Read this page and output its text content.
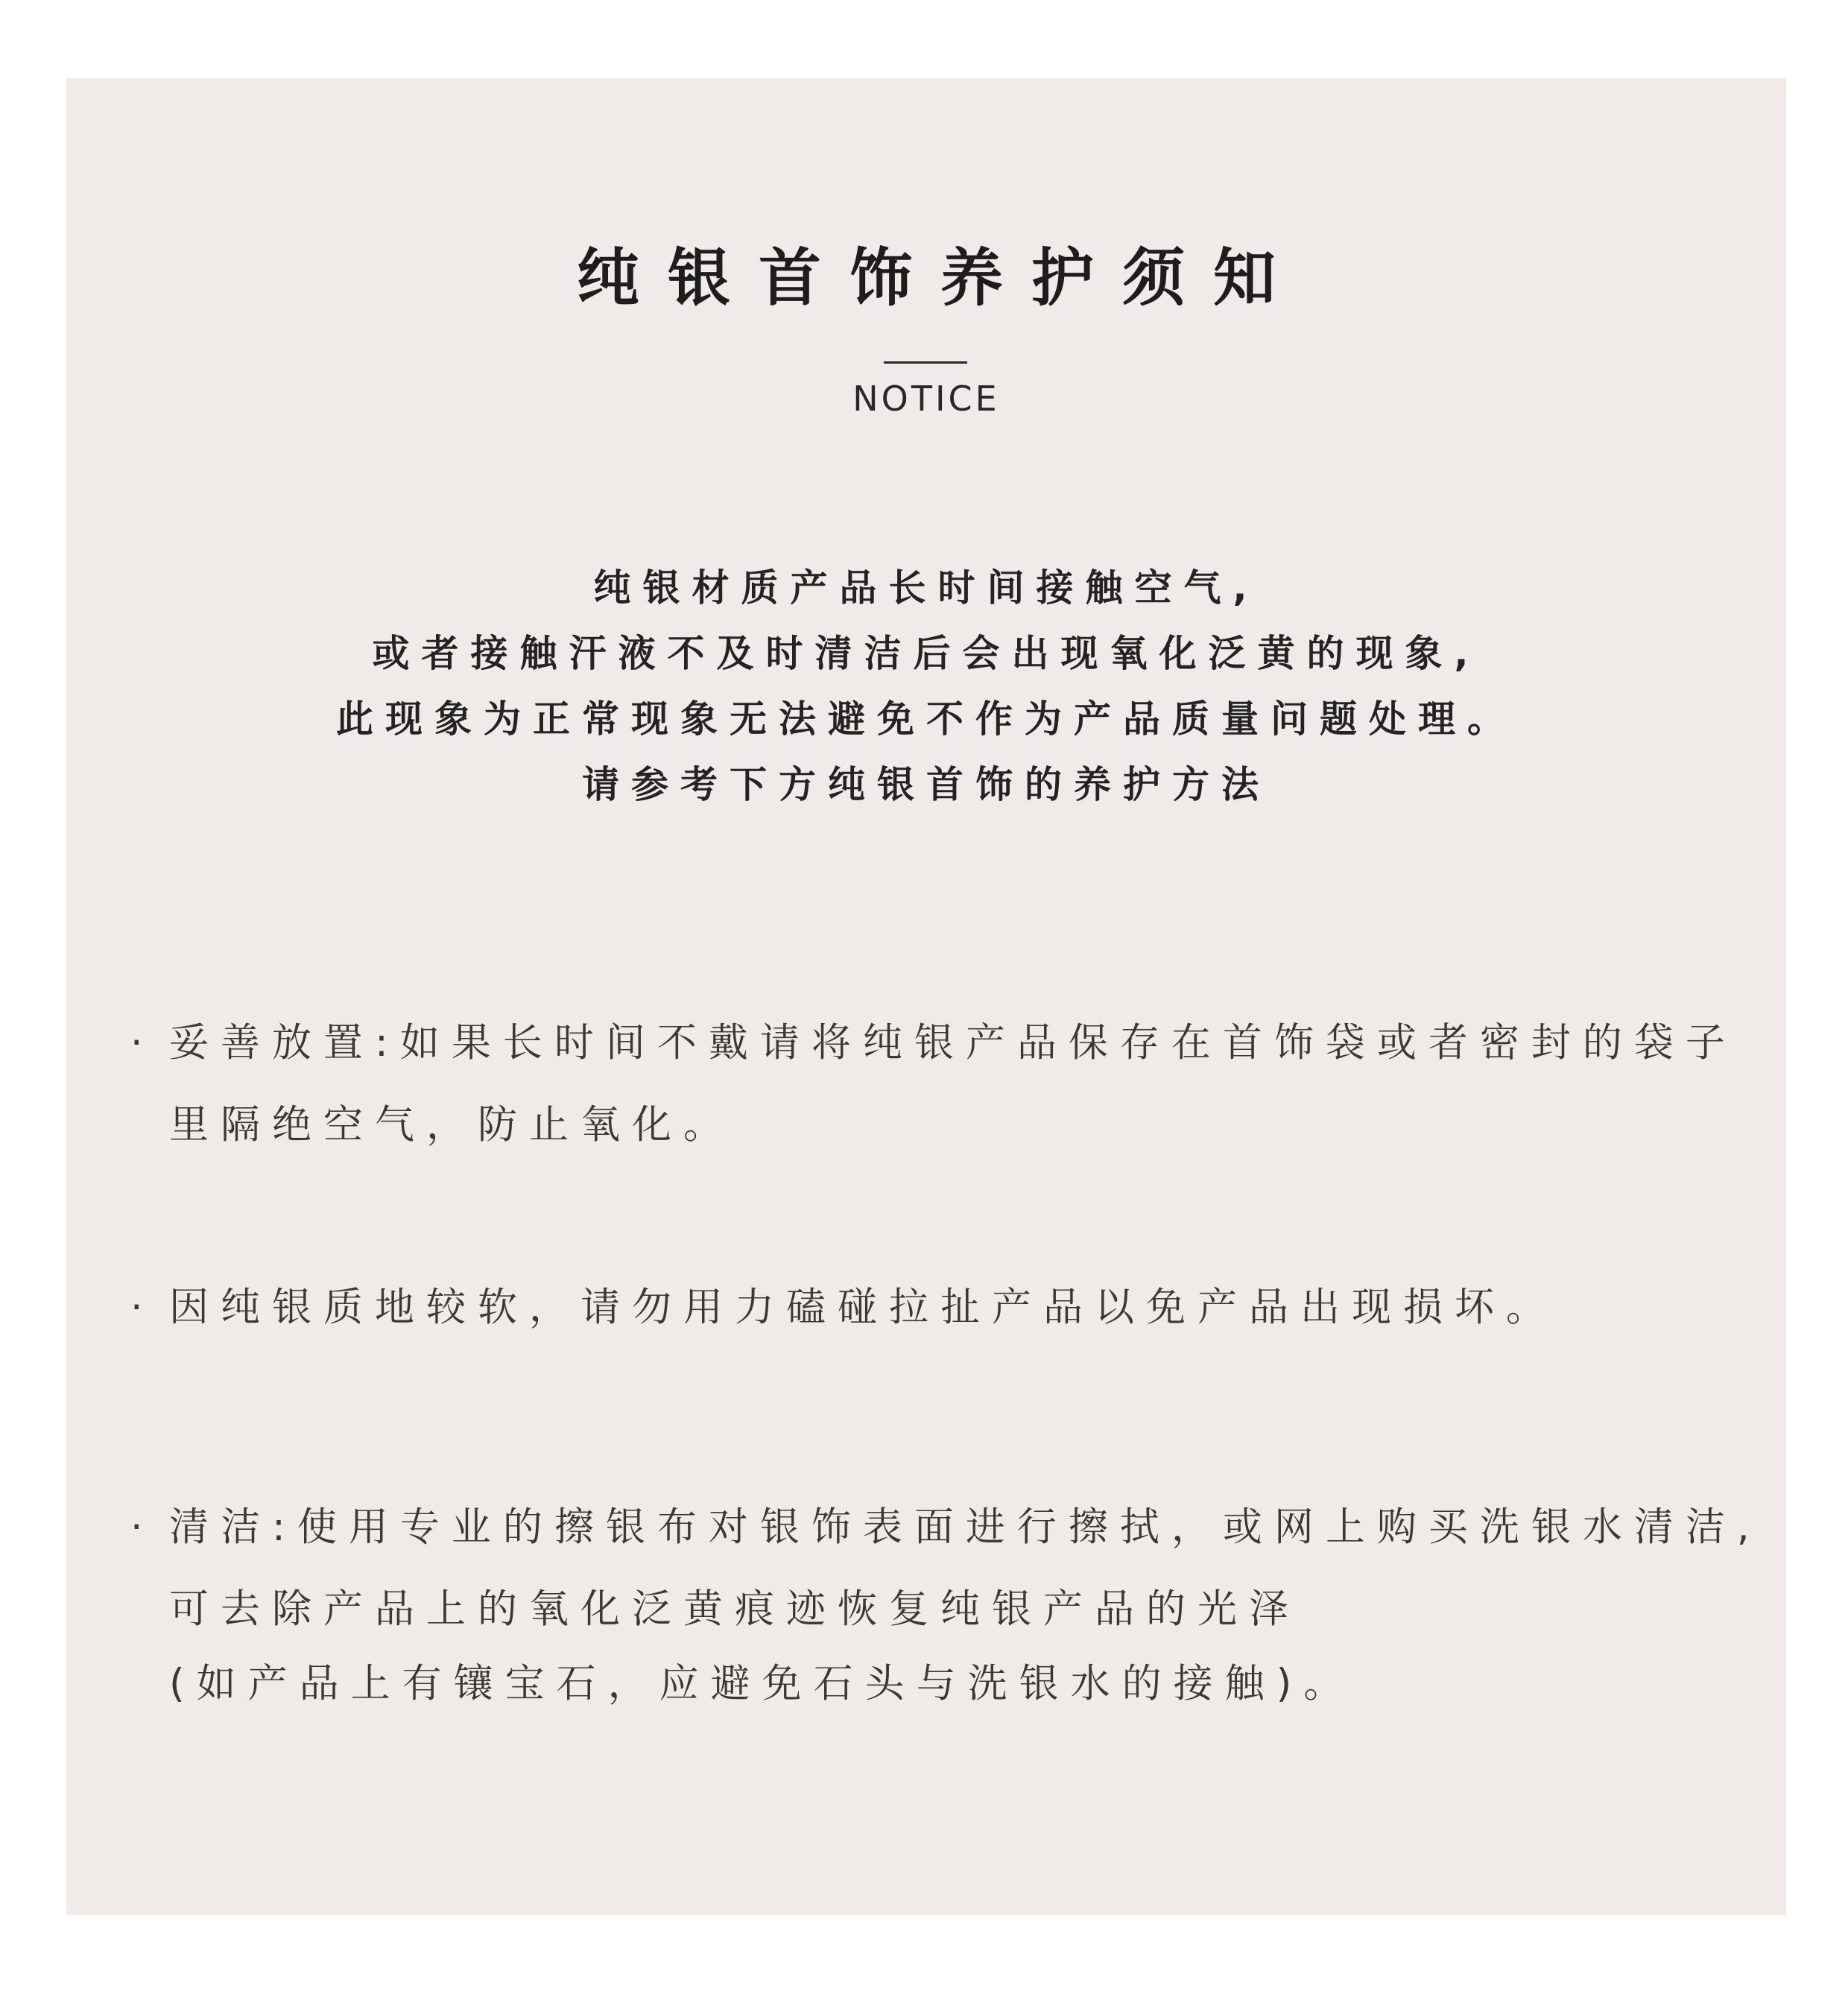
纯银首饰养护须知
NOTICE
纯银材质产品长时间接触空气,
或者接触汗液不及时清洁后会出现氧化泛黄的现象,
此现象为正常现象无法避免不作为产品质量问题处理。
请参考下方纯银首饰的养护方法
· 妥善放置:如果长时间不戴请将纯银产品保存在首饰袋或者密封的袋子
里隔绝空气，防止氧化。
· 因纯银质地较软，请勿用力磕碰拉扯产品以免产品出现损坏。
· 清洁:使用专业的擦银布对银饰表面进行擦拭，或网上购买洗银水清洁,
可去除产品上的氧化泛黄痕迹恢复纯银产品的光泽
(如产品上有镶宝石，应避免石头与洗银水的接触)。
